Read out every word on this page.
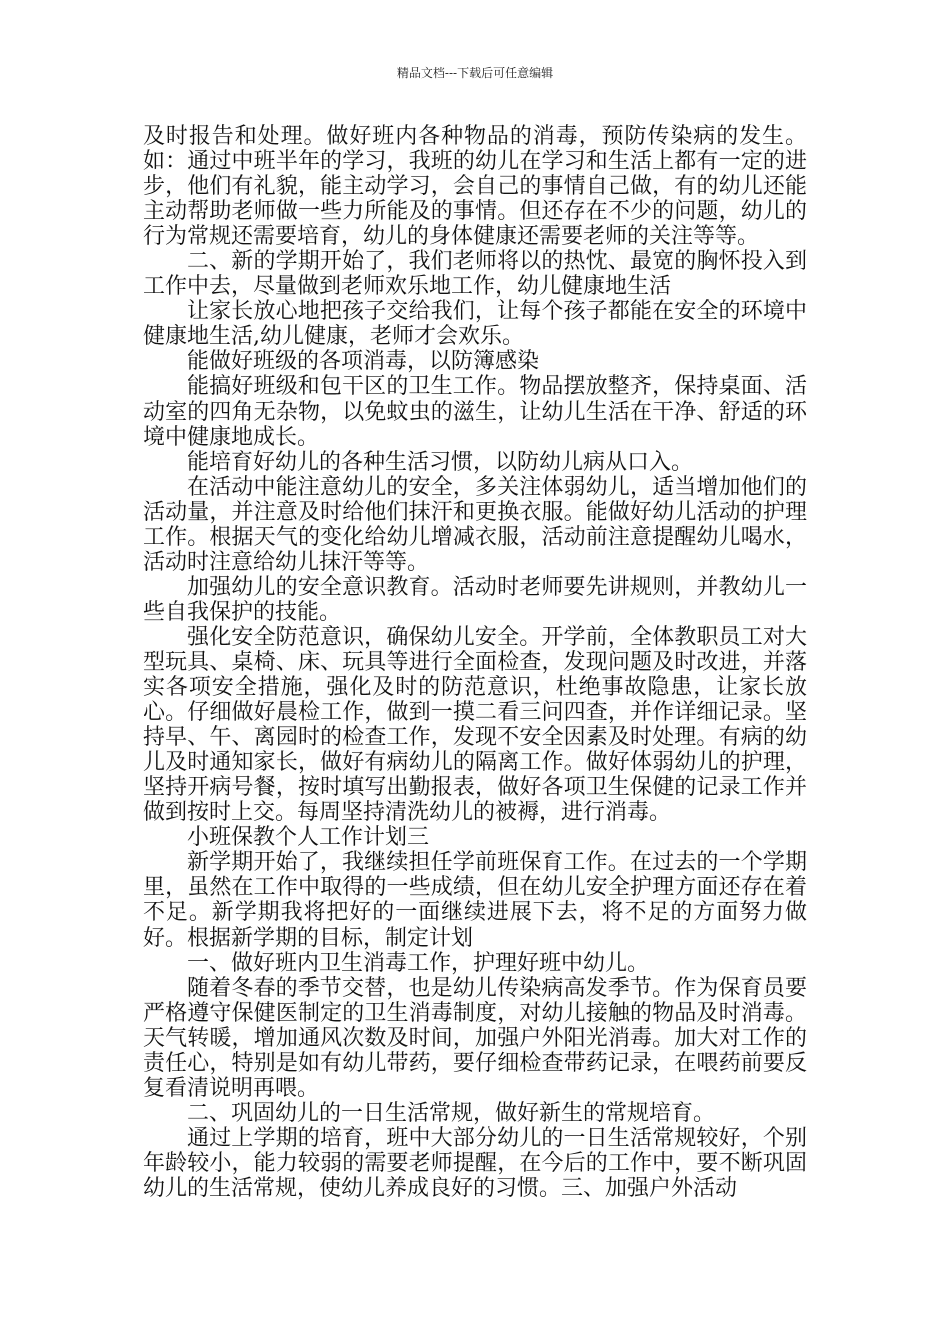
精品文档---下载后可任意编辑

及时报告和处理。做好班内各种物品的消毒，预防传染病的发生。如：通过中班半年的学习，我班的幼儿在学习和生活上都有一定的进步，他们有礼貌，能主动学习，会自己的事情自己做，有的幼儿还能主动帮助老师做一些力所能及的事情。但还存在不少的问题，幼儿的行为常规还需要培育，幼儿的身体健康还需要老师的关注等等。

二、新的学期开始了，我们老师将以的热忱、最宽的胸怀投入到工作中去，尽量做到老师欢乐地工作，幼儿健康地生活

让家长放心地把孩子交给我们，让每个孩子都能在安全的环境中健康地生活,幼儿健康，老师才会欢乐。

能做好班级的各项消毒，以防簿感染

能搞好班级和包干区的卫生工作。物品摆放整齐，保持桌面、活动室的四角无杂物，以免蚊虫的滋生，让幼儿生活在干净、舒适的环境中健康地成长。

能培育好幼儿的各种生活习惯，以防幼儿病从口入。

在活动中能注意幼儿的安全，多关注体弱幼儿，适当增加他们的活动量，并注意及时给他们抹汗和更换衣服。能做好幼儿活动的护理工作。根据天气的变化给幼儿增减衣服，活动前注意提醒幼儿喝水，活动时注意给幼儿抹汗等等。

加强幼儿的安全意识教育。活动时老师要先讲规则，并教幼儿一些自我保护的技能。

强化安全防范意识，确保幼儿安全。开学前，全体教职员工对大型玩具、桌椅、床、玩具等进行全面检查，发现问题及时改进，并落实各项安全措施，强化及时的防范意识，杜绝事故隐患，让家长放心。仔细做好晨检工作，做到一摸二看三问四查，并作详细记录。坚持早、午、离园时的检查工作，发现不安全因素及时处理。有病的幼儿及时通知家长，做好有病幼儿的隔离工作。做好体弱幼儿的护理，坚持开病号餐，按时填写出勤报表，做好各项卫生保健的记录工作并做到按时上交。每周坚持清洗幼儿的被褥，进行消毒。

小班保教个人工作计划三

新学期开始了，我继续担任学前班保育工作。在过去的一个学期里，虽然在工作中取得的一些成绩，但在幼儿安全护理方面还存在着不足。新学期我将把好的一面继续进展下去，将不足的方面努力做好。根据新学期的目标，制定计划

一、做好班内卫生消毒工作，护理好班中幼儿。

随着冬春的季节交替，也是幼儿传染病高发季节。作为保育员要严格遵守保健医制定的卫生消毒制度，对幼儿接触的物品及时消毒。天气转暖，增加通风次数及时间，加强户外阳光消毒。加大对工作的责任心，特别是如有幼儿带药，要仔细检查带药记录，在喂药前要反复看清说明再喂。

二、巩固幼儿的一日生活常规，做好新生的常规培育。

通过上学期的培育，班中大部分幼儿的一日生活常规较好，个别年龄较小，能力较弱的需要老师提醒，在今后的工作中，要不断巩固幼儿的生活常规，使幼儿养成良好的习惯。三、加强户外活动
